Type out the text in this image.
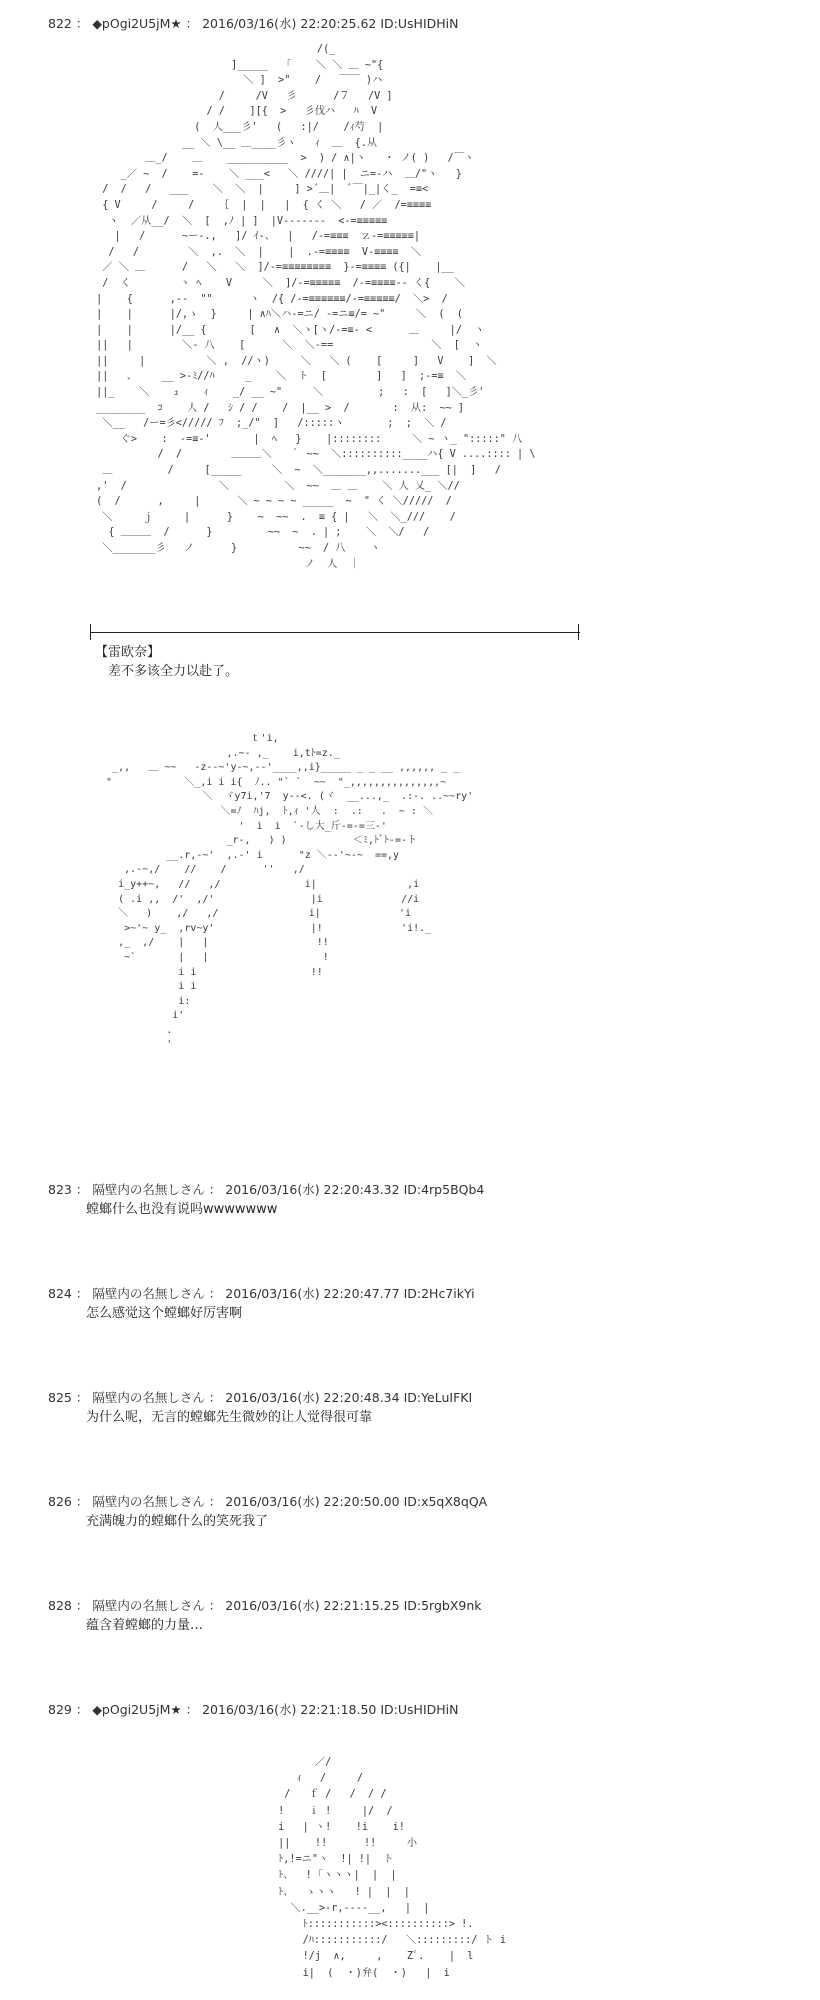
822 ： ◆pOgi2U5jM★ ： 2016/03/16(水) 22:20:25.62 ID:UsHIDHiN
/(_
]_____   ｢    ＼ ＼ ＿ ~"{
＼ ]  >"    /   ￣￣ )ハ
/     /V   彡      /７   /V ]
/ /    ][{  >   彡伐ハ   ﾊ  V
(  人___彡'   (   :|/    /ｨ芍  |
__ ＼ \__ ＿____彡ヽ   ｨ  ＿  {.从
＿_/    ＿    __________  >  ) / ∧|ヽ   ・ ノ( )   /￣ヽ
_／ ~  /    =-    ＼ ___<   ＼ ////| |  ニ=-ハ  ＿/"ヽ   }
/  /   /   ___    ＼  ＼  |     ] >´＿|  ﾞ￣|_|く_  =≡<
{ V     /     /    ｛  |  |   |  { く ＼   / ／  /=≡≡≡≡
ヽ  ／从__/  ＼  [  ,ﾉ | ]  |V-------  <-=≡≡≡≡≡
|   /      ~ー-.,   ]/ ｲ-、  |   /-=≡≡≡  ｚ-=≡≡≡≡≡|
/   /        ＼  ,.  ＼  |    |  .-=≡≡≡≡  V-≡≡≡≡  ＼
／ ＼ ＿      /   ＼   ＼  ]/-=≡≡≡≡≡≡≡≡  }-=≡≡≡≡ ({|    |__
/  く        ヽ ﾍ    V     ＼  ]/-=≡≡≡≡≡  /-=≡≡≡≡-- く{    ＼
|    {      ,--  ""      ヽ  /{ /-=≡≡≡≡≡≡/-=≡≡≡≡≡/  ＼>  /
|    |      |/,ゝ  }     | ∧ﾊ＼ハ-=ニ/ -=ニ≡/= ~"     ＼  (  (
|    |      |/__ {       [   ∧  ＼ヽ[ヽ/-=≡- <      ＿     |/  ヽ
||   |        ＼- 八    [      ＼  ＼-==                ＼  [  ヽ
||     |          ＼ ,  //ヽ)     ＼   ＼ (    [     ]   V    ]  ＼
||   、    __ >-ﾐ//ﾊ     _    ＼  ト  [        ]   ]  ;-=≡  ＼
||_    ＼    ｪ    ｨ    _/ __ ~"     ＼         ;   :  [   ]＼_彡'
________  ｺ    人 /   ｼ / /    /  |__ >  /       :  从:  ~~ ]
＼__   /ー=彡<///// ﾌ  ;_/"  ]   /:::::ヽ       ;  ;  ＼ /
ぐ>    :  -=≡-'       |  ﾍ   }    |::::::::     ＼ ~ ヽ_ ":::::" 八
/  /        ＿＿＿＼   ｀ ~~  ＼::::::::::____ハ{ V ....:::: | \
＿         /     [_____     ＼  ~  ＼_______,,.......___ [|  ]   /
,'  /               ＼         ＼  ~~  ＿ ＿    ＼ 人 乂_ ＼//
(  /      ,     |      ＼ ~ ~ ~ ~ _____  ~  " く ＼/////  /
＼     ｊ     |      }    ~  ~~  .  ≡ { |   ＼  ＼_///    /
{ ＿＿＿  /      }         ~~  ~  . | ;    ＼  ＼/   /
＼_______彡   ノ      }          ~~  / 八    ヽ
ノ  人  ｜
【雷欧奈】
差不多该全力以赴了。
ｔ'i,
,.~- ,_    i,tﾄ=z._
_,,   ＿ ~~   -z--~'y-~,--'____,,i}_____ _ _ __ ,,,,,, _ _
"            ＼_,i i i{  ﾉ.. "` `  ~~  "_,,,,,,,,,,,,,,,~
＼  ヾy7i,'7  y--<. (ヾ  __...,_  .:-. ..~~ry'
＼=ﾉ  ﾊj,  ﾄ,ｨ '人  :  .:   .  ~ : ＼
'  i  i  `-し大_斤-=-=三-'
_r-,   ) )           ＜ﾐ,ﾄﾞﾄ-=-ト
__.r,-~'  ,.-' i      "z ＼--'~-~  ==,y
,.-~,/    //    /      ''   ,/
i_y++~,   //   ,/              i|               ,i
( .i ,,  /'  ,/'                |i             //i
＼   )    ,/   ,/               i|             'i
>~'~ y_  ,rv~y'                |!             'i!._
,_  ,/    |   |                  !!
~`       |   |                   !
i i                   !!
i i
i:
i'
.
'
823 ： 隔壁内の名無しさん ： 2016/03/16(水) 22:20:43.32 ID:4rp5BQb4
螳螂什么也没有说吗wwwwwww
824 ： 隔壁内の名無しさん ： 2016/03/16(水) 22:20:47.77 ID:2Hc7ikYi
怎么感觉这个螳螂好厉害啊
825 ： 隔壁内の名無しさん ： 2016/03/16(水) 22:20:48.34 ID:YeLuIFKI
为什么呢，无言的螳螂先生微妙的让人觉得很可靠
826 ： 隔壁内の名無しさん ： 2016/03/16(水) 22:20:50.00 ID:x5qX8qQA
充满魄力的螳螂什么的笑死我了
828 ： 隔壁内の名無しさん ： 2016/03/16(水) 22:21:15.25 ID:5rgbX9nk
蕴含着螳螂的力量…
829 ： ◆pOgi2U5jM★ ： 2016/03/16(水) 22:21:18.50 ID:UsHIDHiN
／/
ｨ   /     /
/   ｆ /   /  / /
!    ｉ !     |/  /
i   | ヽ!    !i    i!
||    !!      !!     小
ﾄ,!=ニ"ヽ  !| !|  ト
ﾄ、  ! ｢ヽヽヽ|  |  |
ﾄ、  ゝヽヽ   ! |  |  |
＼.__>-r,----__,   |  |
ﾄ:::::::::::><::::::::::> !.
/ﾊ:::::::::::/   ＼:::::::::/ ト i
!/j  ∧,     ,    Zﾟ.    |  l
i|  (  ・)弁(  ・)   |  i
